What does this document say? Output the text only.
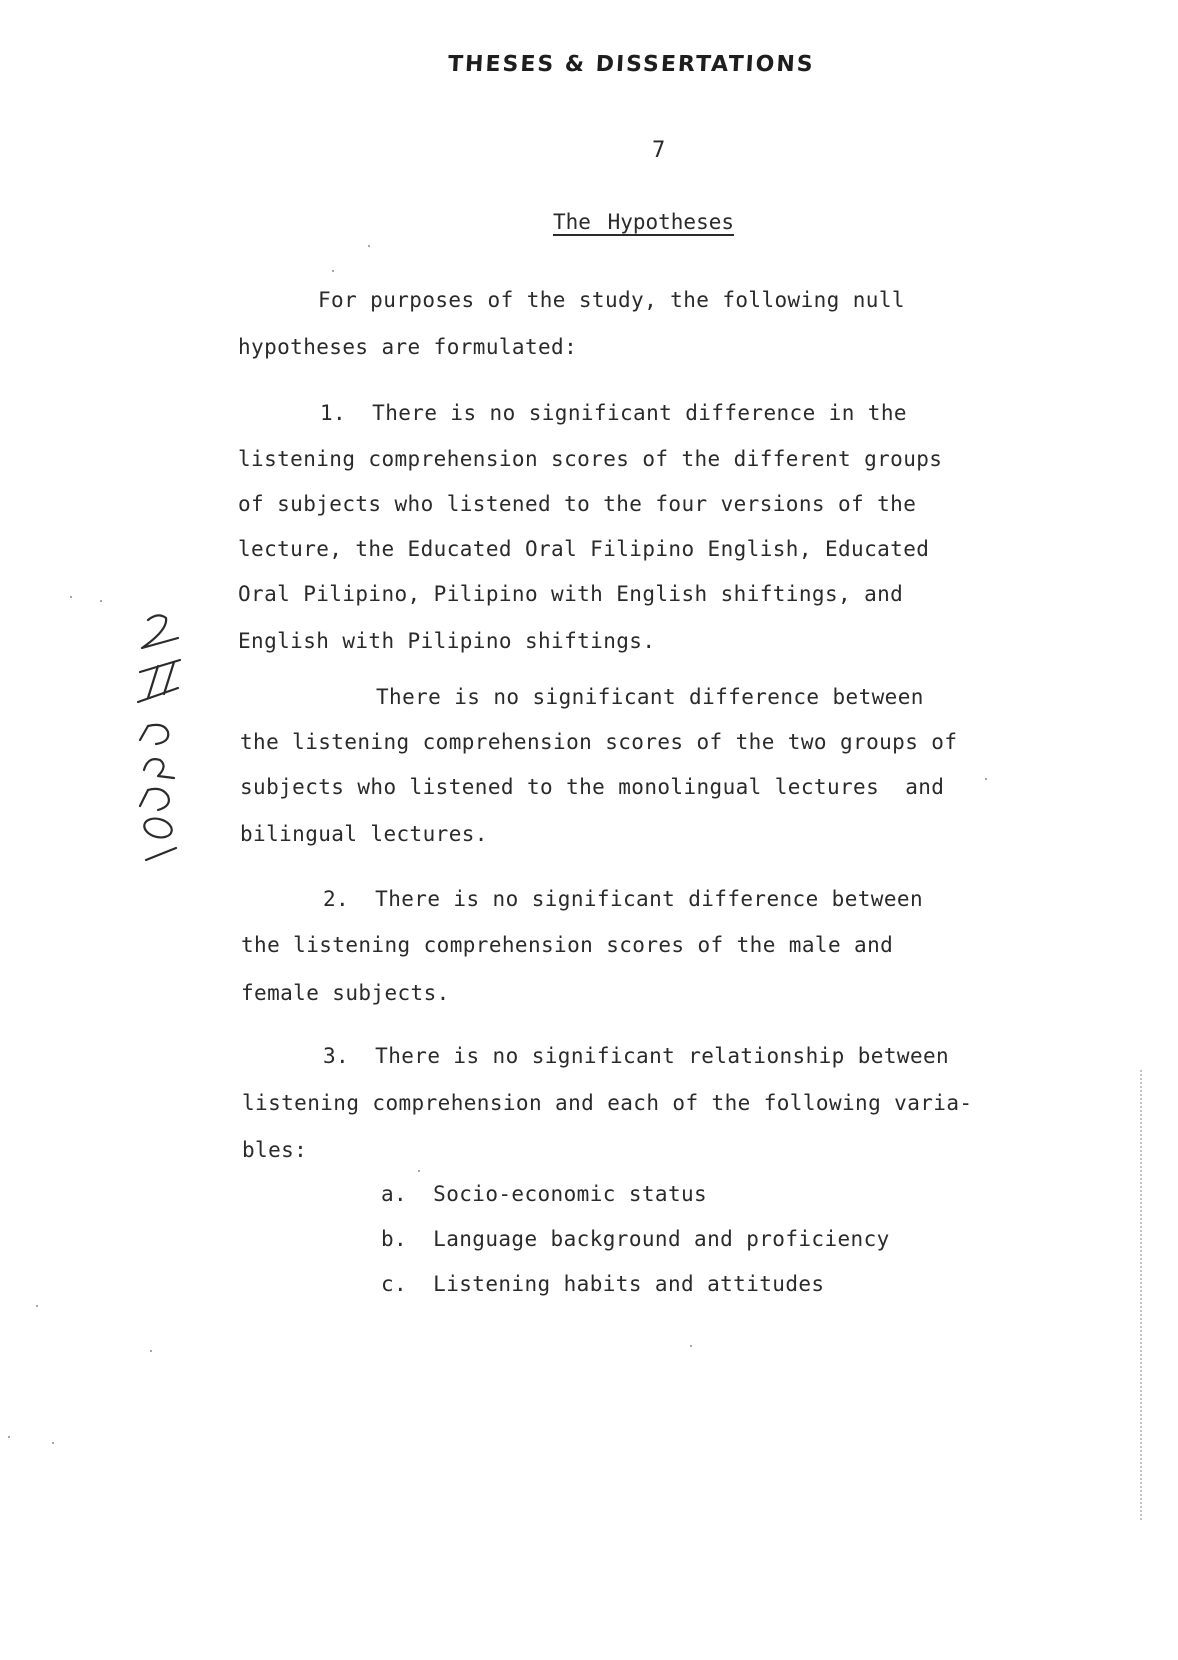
THESES & DISSERTATIONS
7
The Hypotheses
For purposes of the study, the following null
hypotheses are formulated:
1.  There is no significant difference in the
listening comprehension scores of the different groups
of subjects who listened to the four versions of the
lecture, the Educated Oral Filipino English, Educated
Oral Pilipino, Pilipino with English shiftings, and
English with Pilipino shiftings.
There is no significant difference between
the listening comprehension scores of the two groups of
subjects who listened to the monolingual lectures  and
bilingual lectures.
2.  There is no significant difference between
the listening comprehension scores of the male and
female subjects.
3.  There is no significant relationship between
listening comprehension and each of the following varia-
bles:
a.  Socio-economic status
b.  Language background and proficiency
c.  Listening habits and attitudes
